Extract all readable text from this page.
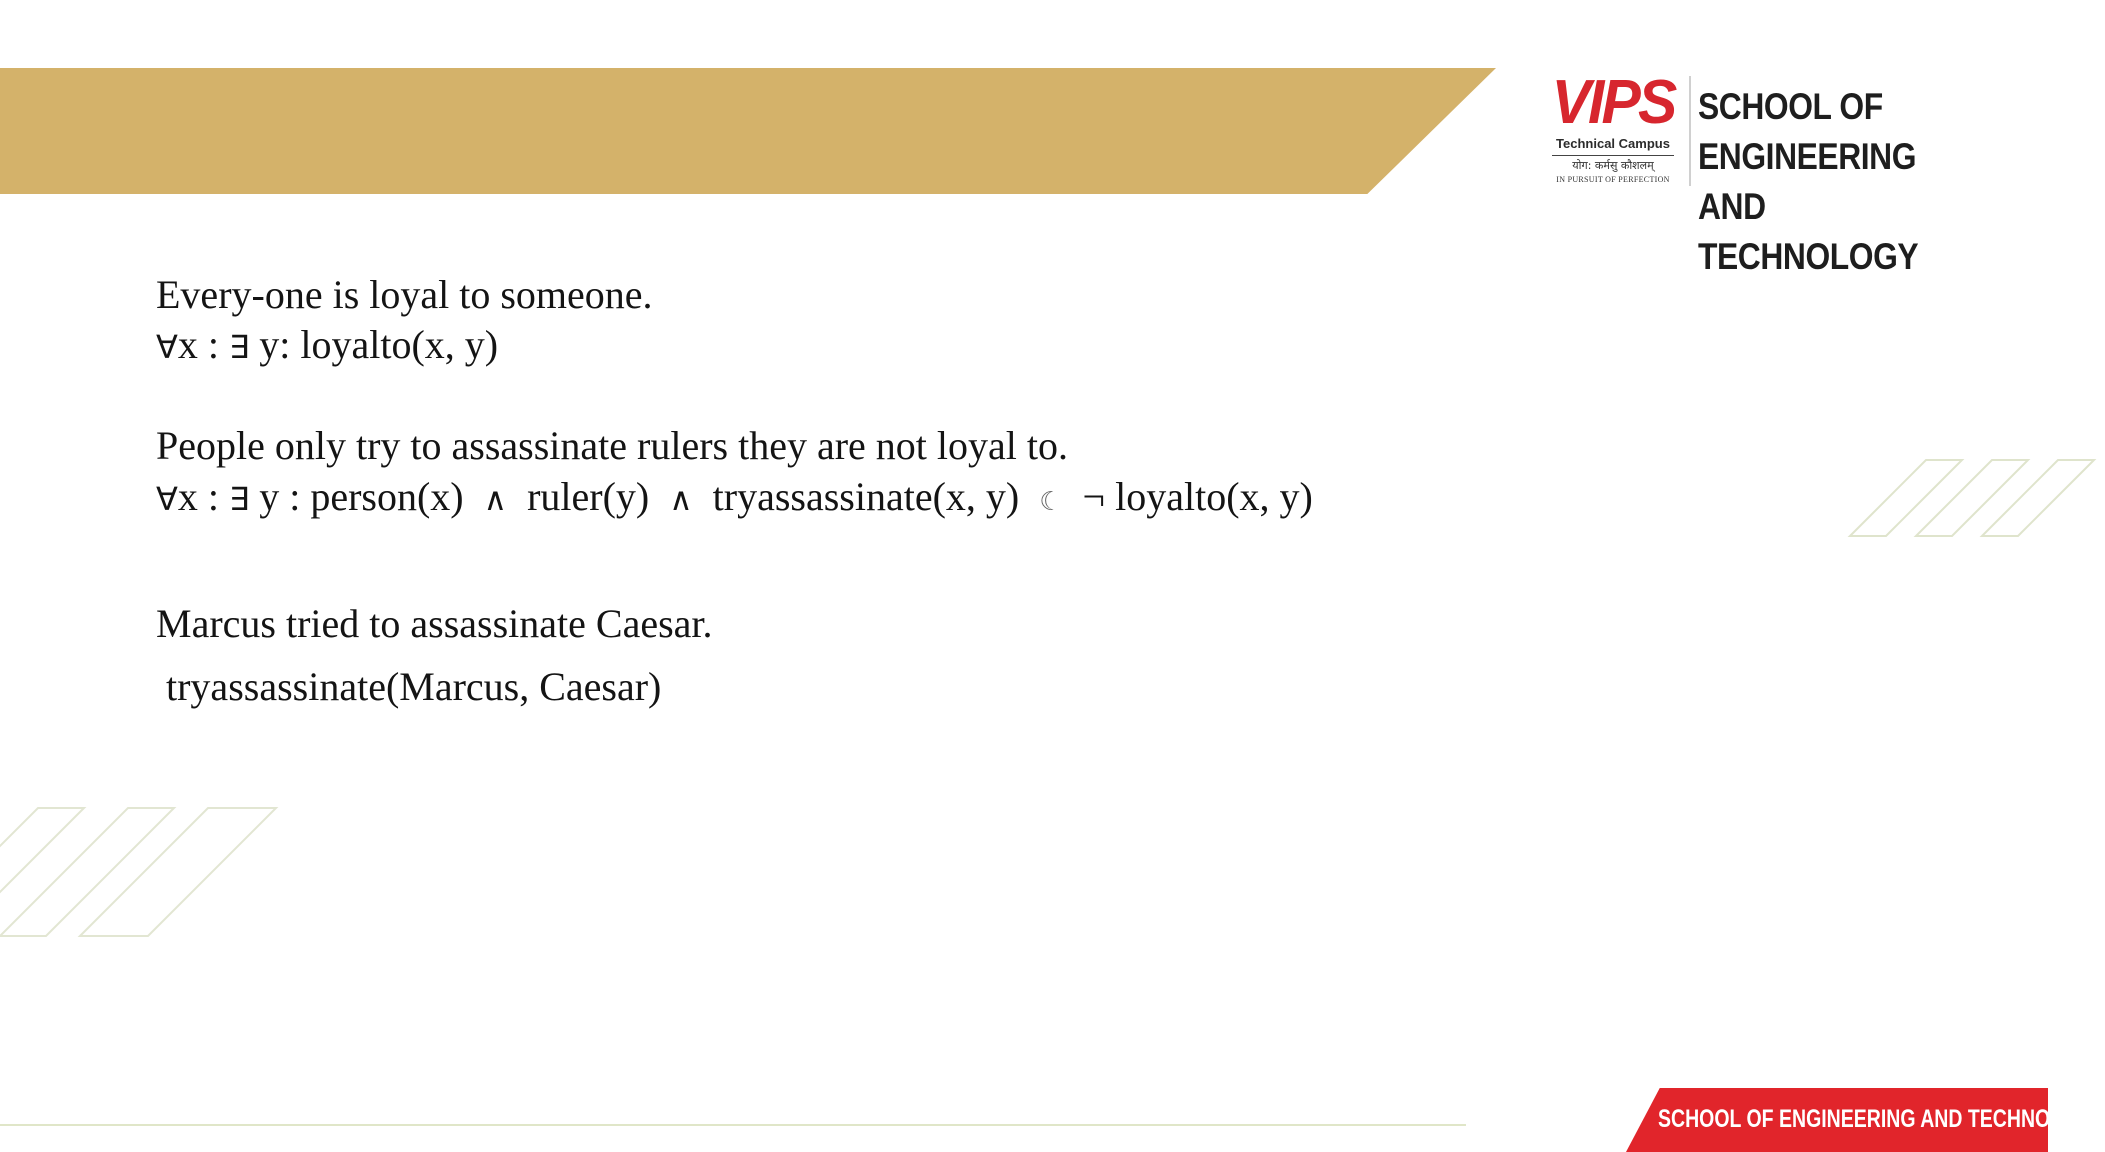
VIPS
Technical Campus
योग: कर्मसु कौशलम्
IN PURSUIT OF PERFECTION
SCHOOL OF ENGINEERING
AND TECHNOLOGY
Every-one is loyal to someone.
∀x : ∃ y: loyalto(x, y)
People only try to assassinate rulers they are not loyal to.
∀x : ∃ y : person(x)  ∧  ruler(y)  ∧  tryassassinate(x, y)  ☾  ¬ loyalto(x, y)
Marcus tried to assassinate Caesar.
tryassassinate(Marcus, Caesar)
SCHOOL OF ENGINEERING AND TECHNOLOGY
